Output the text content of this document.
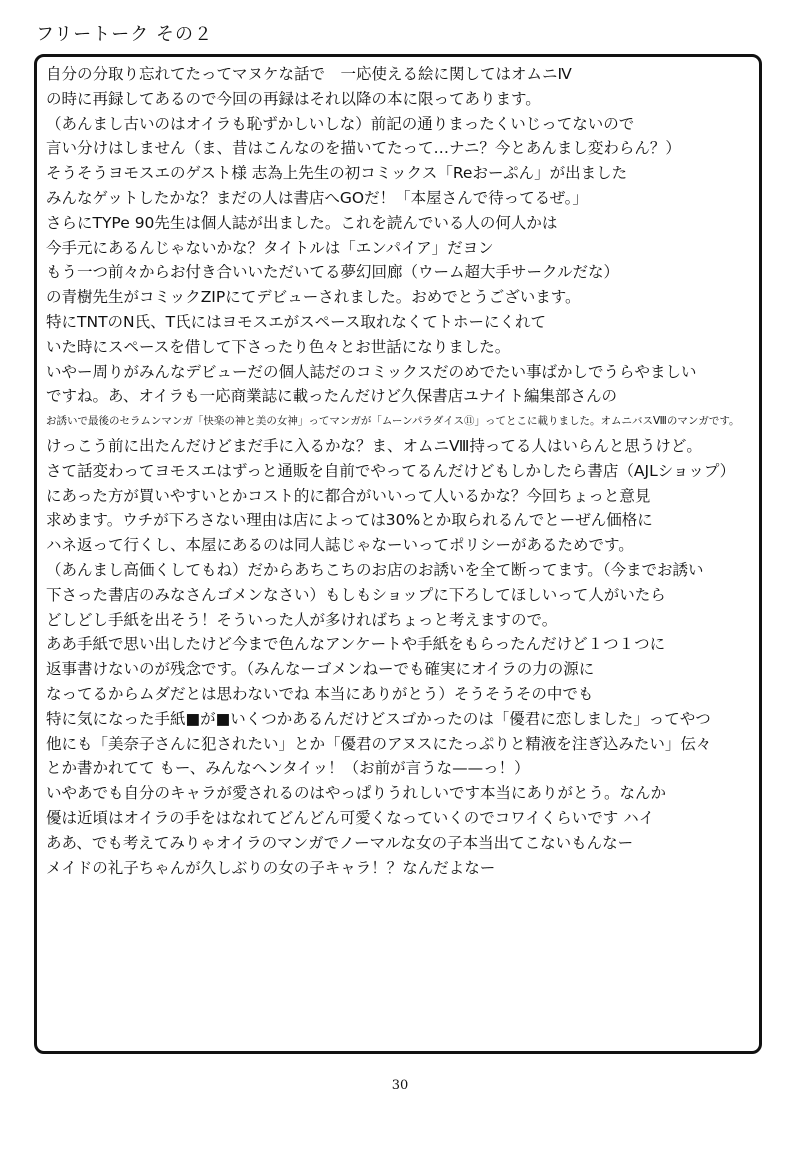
フリートーク その２
自分の分取り忘れてたってマヌケな話で　一応使える絵に関してはオムニⅣ
の時に再録してあるので今回の再録はそれ以降の本に限ってあります。
（あんまし古いのはオイラも恥ずかしいしな）前記の通りまったくいじってないので
言い分けはしません（ま、昔はこんなのを描いてたって…ナニ？今とあんまし変わらん？）
そうそうヨモスエのゲスト様 志為上先生の初コミックス「Reおーぷん」が出ました
みんなゲットしたかな？まだの人は書店へGOだ！「本屋さんで待ってるぜ。」
さらにTYPe 90先生は個人誌が出ました。これを読んでいる人の何人かは
今手元にあるんじゃないかな？タイトルは「エンパイア」だヨン
もう一つ前々からお付き合いいただいてる夢幻回廊（ウーム超大手サークルだな）
の青樹先生がコミックZIPにてデビューされました。おめでとうございます。
特にTNTのN氏、T氏にはヨモスエがスペース取れなくてトホーにくれて
いた時にスペースを借して下さったり色々とお世話になりました。
いやー周りがみんなデビューだの個人誌だのコミックスだのめでたい事ばかしでうらやましい
ですね。あ、オイラも一応商業誌に載ったんだけど久保書店ユナイト編集部さんの
お誘いで最後のセラムンマンガ「快楽の神と美の女神」ってマンガが「ムーンパラダイス⑪」ってとこに載りました。オムニバスⅧのマンガです。
けっこう前に出たんだけどまだ手に入るかな？ま、オムニⅧ持ってる人はいらんと思うけど。
さて話変わってヨモスエはずっと通販を自前でやってるんだけどもしかしたら書店（AJLショップ）
にあった方が買いやすいとかコスト的に都合がいいって人いるかな？今回ちょっと意見
求めます。ウチが下ろさない理由は店によっては30%とか取られるんでとーぜん価格に
ハネ返って行くし、本屋にあるのは同人誌じゃなーいってポリシーがあるためです。
（あんまし高価くしてもね）だからあちこちのお店のお誘いを全て断ってます。（今までお誘い
下さった書店のみなさんゴメンなさい）もしもショップに下ろしてほしいって人がいたら
どしどし手紙を出そう！そういった人が多ければちょっと考えますので。
ああ手紙で思い出したけど今まで色んなアンケートや手紙をもらったんだけど１つ１つに
返事書けないのが残念です。（みんなーゴメンねーでも確実にオイラの力の源に
なってるからムダだとは思わないでね 本当にありがとう）そうそうその中でも
特に気になった手紙■が■いくつかあるんだけどスゴかったのは「優君に恋しました」ってやつ
他にも「美奈子さんに犯されたい」とか「優君のアヌスにたっぷりと精液を注ぎ込みたい」伝々
とか書かれてて もー、みんなヘンタイッ！（お前が言うな——っ！）
いやあでも自分のキャラが愛されるのはやっぱりうれしいです本当にありがとう。なんか
優は近頃はオイラの手をはなれてどんどん可愛くなっていくのでコワイくらいです ハイ
ああ、でも考えてみりゃオイラのマンガでノーマルな女の子本当出てこないもんなー
メイドの礼子ちゃんが久しぶりの女の子キャラ！？なんだよなー
30
